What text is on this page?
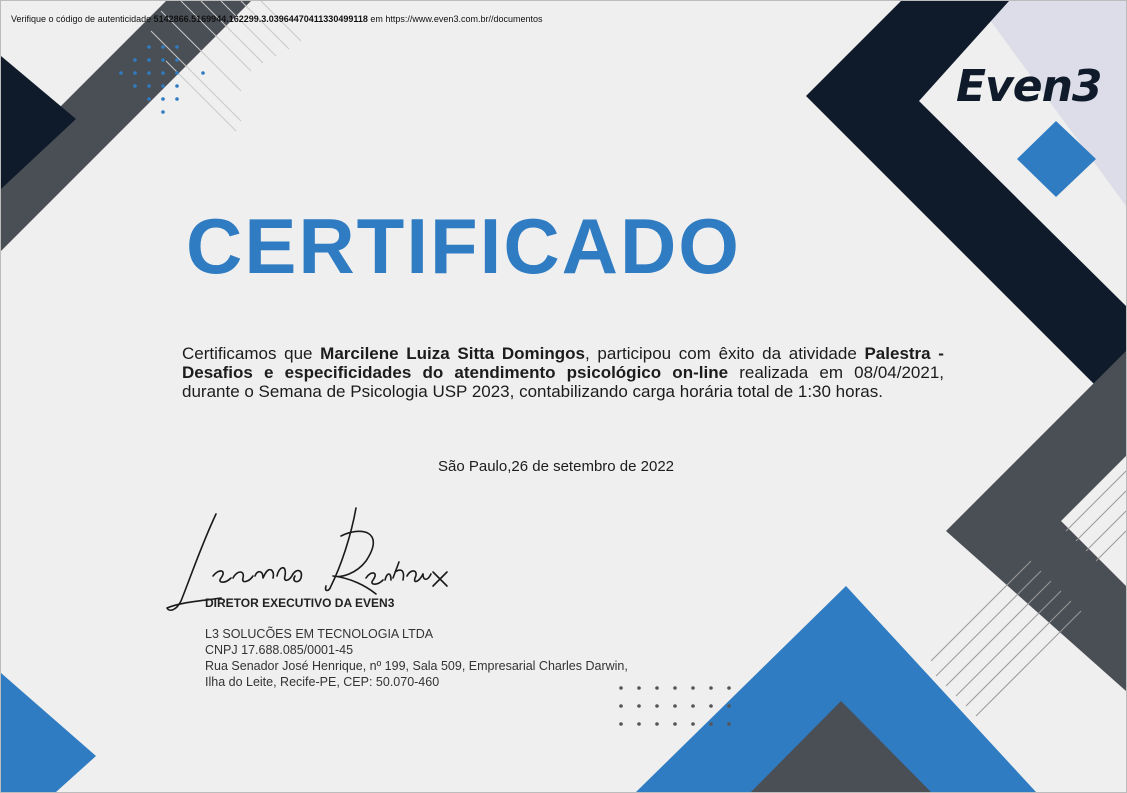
Verifique o código de autenticidade 5142866.5169944.162299.3.03964470411330499118 em https://www.even3.com.br//documentos
Even3
CERTIFICADO
Certificamos que Marcilene Luiza Sitta Domingos, participou com êxito da atividade Palestra - Desafios e especificidades do atendimento psicológico on-line realizada em 08/04/2021, durante o Semana de Psicologia USP 2023, contabilizando carga horária total de 1:30 horas.
São Paulo,26 de setembro de 2022
DIRETOR EXECUTIVO DA EVEN3
L3 SOLUCÕES EM TECNOLOGIA LTDA
CNPJ 17.688.085/0001-45
Rua Senador José Henrique, nº 199, Sala 509, Empresarial Charles Darwin,
Ilha do Leite, Recife-PE, CEP: 50.070-460
